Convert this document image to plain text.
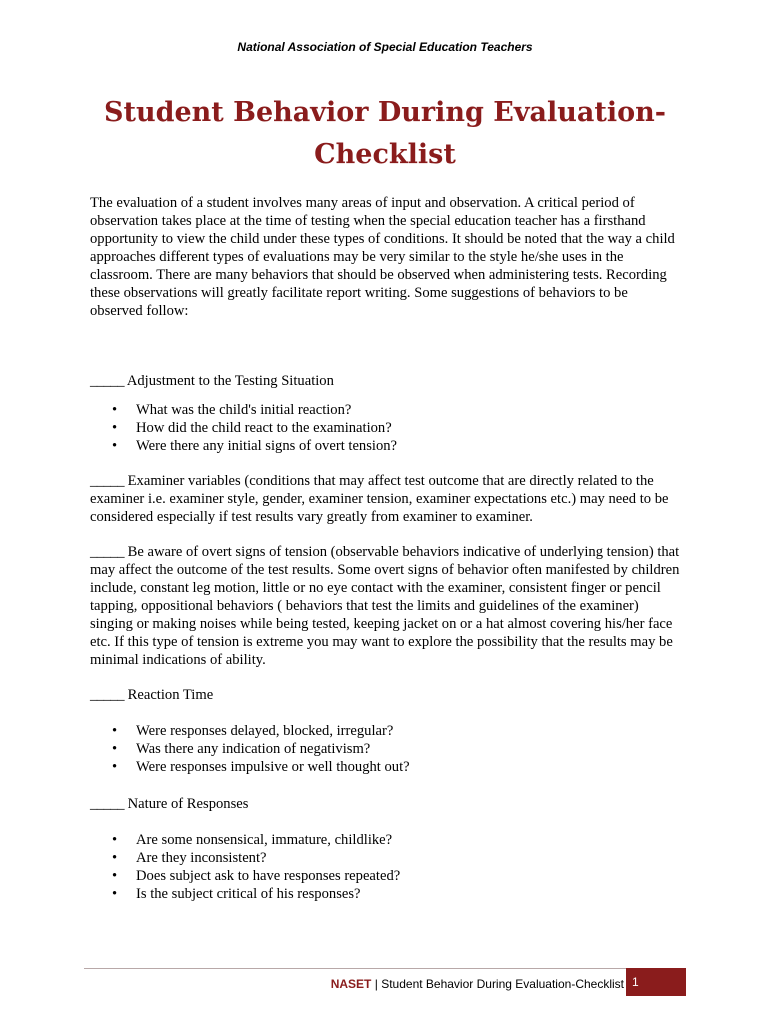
National Association of Special Education Teachers
Student Behavior During Evaluation-
Checklist

The evaluation of a student involves many areas of input and observation. A critical period of observation takes place at the time of testing when the special education teacher has a firsthand opportunity to view the child under these types of conditions. It should be noted that the way a child approaches different types of evaluations may be very similar to the style he/she uses in the classroom. There are many behaviors that should be observed when administering tests. Recording these observations will greatly facilitate report writing. Some suggestions of behaviors to be observed follow:

_____ Adjustment to the Testing Situation

• What was the child's initial reaction?
• How did the child react to the examination?
• Were there any initial signs of overt tension?

_____ Examiner variables (conditions that may affect test outcome that are directly related to the examiner i.e. examiner style, gender, examiner tension, examiner expectations etc.) may need to be considered especially if test results vary greatly from examiner to examiner.

_____ Be aware of overt signs of tension (observable behaviors indicative of underlying tension) that may affect the outcome of the test results. Some overt signs of behavior often manifested by children include, constant leg motion, little or no eye contact with the examiner, consistent finger or pencil tapping, oppositional behaviors ( behaviors that test the limits and guidelines of the examiner) singing or making noises while being tested, keeping jacket on or a hat almost covering his/her face etc. If this type of tension is extreme you may want to explore the possibility that the results may be minimal indications of ability.

_____ Reaction Time

• Were responses delayed, blocked, irregular?
• Was there any indication of negativism?
• Were responses impulsive or well thought out?

_____ Nature of Responses

• Are some nonsensical, immature, childlike?
• Are they inconsistent?
• Does subject ask to have responses repeated?
• Is the subject critical of his responses?
NASET | Student Behavior During Evaluation-Checklist 1
